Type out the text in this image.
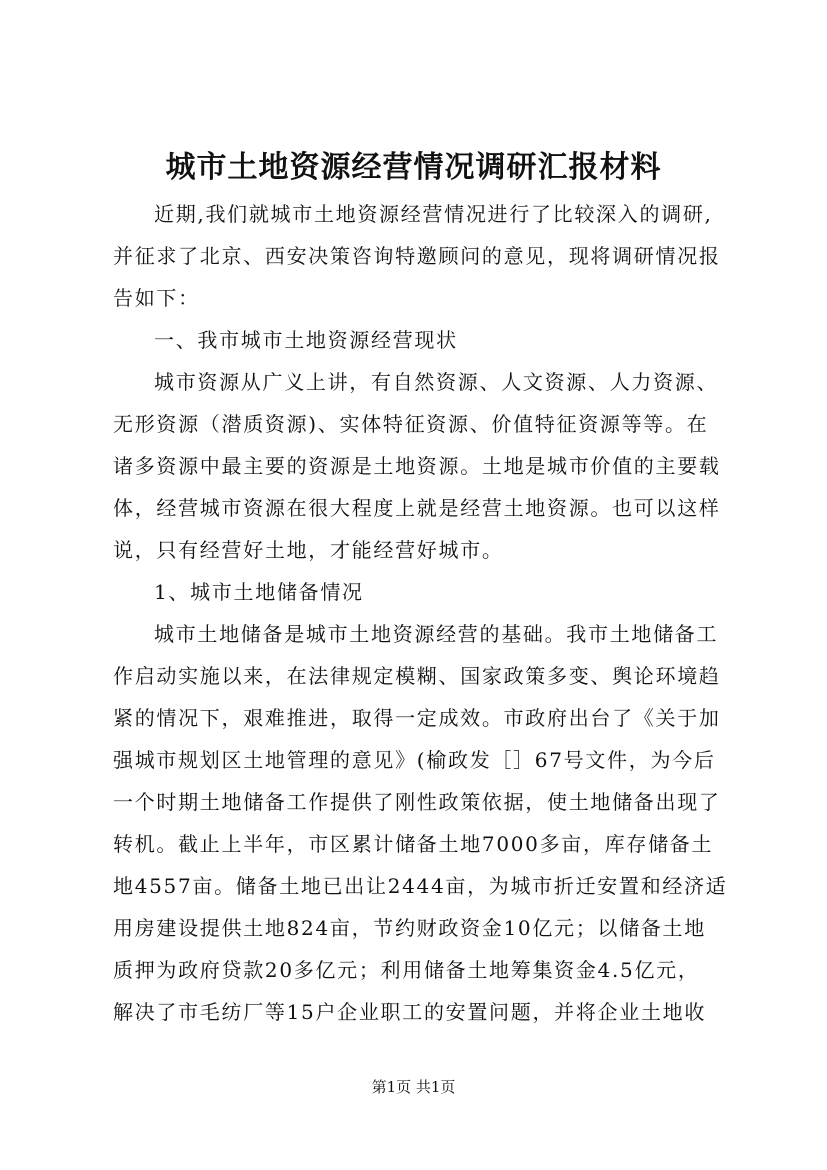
城市土地资源经营情况调研汇报材料
近期,我们就城市土地资源经营情况进行了比较深入的调研,
并征求了北京、西安决策咨询特邀顾问的意见，现将调研情况报
告如下：
一、我市城市土地资源经营现状
城市资源从广义上讲，有自然资源、人文资源、人力资源、
无形资源（潜质资源)、实体特征资源、价值特征资源等等。在
诸多资源中最主要的资源是土地资源。土地是城市价值的主要载
体，经营城市资源在很大程度上就是经营土地资源。也可以这样
说，只有经营好土地，才能经营好城市。
1、城市土地储备情况
城市土地储备是城市土地资源经营的基础。我市土地储备工
作启动实施以来，在法律规定模糊、国家政策多变、舆论环境趋
紧的情况下，艰难推进，取得一定成效。市政府出台了《关于加
强城市规划区土地管理的意见》(榆政发［］67号文件，为今后
一个时期土地储备工作提供了刚性政策依据，使土地储备出现了
转机。截止上半年，市区累计储备土地7000多亩，库存储备土
地4557亩。储备土地已出让2444亩，为城市折迁安置和经济适
用房建设提供土地824亩，节约财政资金10亿元；以储备土地
质押为政府贷款20多亿元；利用储备土地筹集资金4.5亿元，
解决了市毛纺厂等15户企业职工的安置问题，并将企业土地收
第1页 共1页
